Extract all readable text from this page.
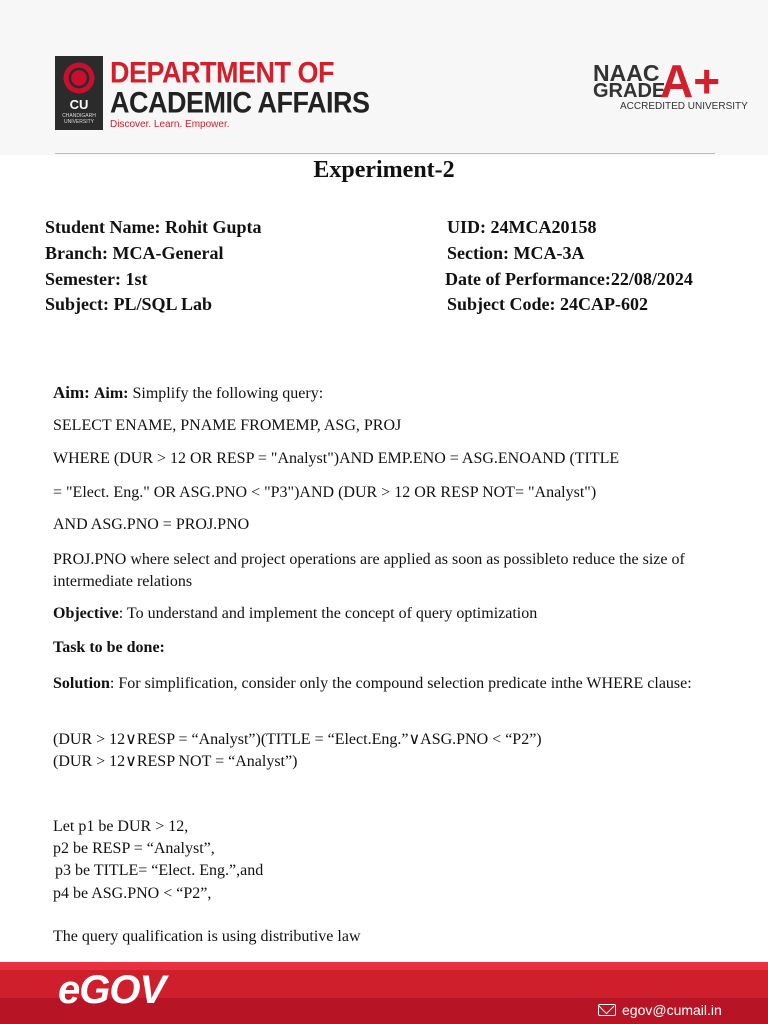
CU
CHANDIGARH UNIVERSITY
DEPARTMENT OF
ACADEMIC AFFAIRS
Discover. Learn. Empower.
NAAC
GRADE
A+
ACCREDITED UNIVERSITY
Experiment-2
Student Name: Rohit Gupta	UID: 24MCA20158
Branch: MCA-General	Section: MCA-3A
Semester: 1st	Date of Performance:22/08/2024
Subject: PL/SQL Lab	Subject Code: 24CAP-602
Aim: Aim: Simplify the following query:
SELECT ENAME, PNAME FROMEMP, ASG, PROJ
WHERE (DUR > 12 OR RESP = "Analyst")AND EMP.ENO = ASG.ENOAND (TITLE
= "Elect. Eng." OR ASG.PNO < "P3")AND (DUR > 12 OR RESP NOT= "Analyst")
AND ASG.PNO = PROJ.PNO
PROJ.PNO where select and project operations are applied as soon as possibleto reduce the size of intermediate relations
Objective: To understand and implement the concept of query optimization
Task to be done:
Solution: For simplification, consider only the compound selection predicate inthe WHERE clause:
(DUR > 12∨RESP = “Analyst”)(TITLE = “Elect.Eng.”∨ASG.PNO < “P2”)
(DUR > 12∨RESP NOT = “Analyst”)
Let p1 be DUR > 12,
p2 be RESP = “Analyst”,
p3 be TITLE= “Elect. Eng.”,and
p4 be ASG.PNO < “P2”,
The query qualification is using distributive law
eGOV	egov@cumail.in
